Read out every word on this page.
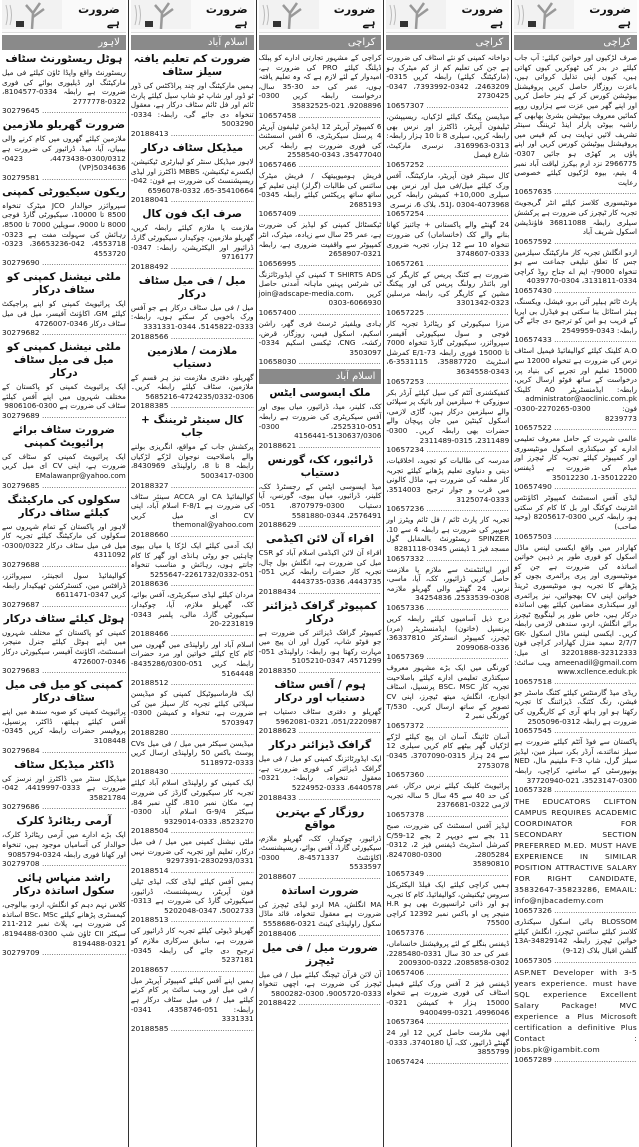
ضرورت ہے
کراچی

صرف لڑکیوں اور خواتین کیلئے: آپ جاب کیلئے در بدر کی ٹھوکریں کیوں کھاتی ہیں، کیوں اپنی تذلیل کرواتی ہیں، باعزت روزگار حاصل کریں پروفیشنل بیوٹیشن کورس کر کے ہنر حاصل کریں اور اپنے گھر میں عزت سے ہزاروں روپے کمائیں معروف بیوٹیشن بشریٰ بھابھی کے راشیہ بیوٹی پارلر اینڈ ٹریننگ سینٹر تشریف لائیں نہایت ہی کم فیس میں پروفیشنل بیوٹیشن کورس کریں اور اپنے پاؤں پر کھڑی ہو جائیں 0307-2966775 نزد ارم بیکرز لیاقت آباد نمبر 4 یتیم، بیوہ لڑکیوں کیلئے خصوصی رعایت

10657635 .....

مونٹیسوری کلاسز کیلئے انٹر گریجویٹ تجربہ کار ٹیچرز کی ضرورت ہے پرکشش سیلری رابطہ 36811088 فاؤنڈیشن اسکول شریف آباد

10657592 .....

اردو انگلش تجربہ کار مارکیٹنگ سیلزمین جس کا تعلق تبلیغی جماعت سے ہو تنخواہ 9000/- ایم اے جناح روڈ کراچی 0334-3131811، 0304-4039770

10657430 .....

پارٹ ٹائم ہیلپر آئی برو، فیشل، ویکسنگ، ہیئر اسٹائل بنا سکتی ہو فیڈرل بی ایریا کے قریب ہو اس کو ترجیح دی جائے گی رابطہ: 0343-2549959

10657433 .....

A.O کلینک کیلئے کوالیفائیڈ فیمیل اسٹاف نرس کی ضرورت ہے تنخواہ 12000 سے 15000 تعلیم اور تجربے کی بنیاد پر، درخواست کے ساتھ فوٹو ارسال کریں، رابطہ: ایڈمنسٹریٹر AO کلینک administrator@aoclinic.com.pk فون: 0300-2270265-0300-8239773

10657522 .....

عالمی شہرت کے حامل معروف تعلیمی ادارے کو سیکنڈری اسکول مونٹیسوری اور کمپیوٹر کیلئے تجربہ کار ٹیچرز اور میڈم کی ضرورت ہے ڈیفنس 35012220-1، 35012230

10657490 .....

لیڈی آفس اسسٹنٹ کمپیوٹر اکاؤنٹس انٹرنیٹ کوکنگ اور بل کا کام کر سکتی ہو، رابطہ کریں 0300-8205617 (وحید صاحب)

10657503 .....

کھارادر میں واقع ایکسی لینس ماڈل اسکول کو فوری طور پر ذہین خواتین اساتذہ کی ضرورت ہے جن کو مونٹیسوری اور پری پرائمری بچوں کو پڑھانے کا تجربہ ہو، مونٹیسوری ٹرینڈ خواتین اپنی CV بھجوائیں، نیز پرائمری اور سیکنڈری مضامین کیلئے بھی اساتذہ درکار ہیں، خاص طور پر لینگویج ٹیچرز برائے انگلش، اردو، سندھی لازمی رابطہ کریں۔ ایکسی لینس ماڈل اسکول GK-2/7/7 سعید منزل کھارادر کراچی فون 32312333-32201888 ای میل: ameenadil@gmail.com ویب سائٹ: www.xcllence.eduk.pk

10657518 .....

ریڈی میڈ گارمنٹس کیلئے کٹنگ ماسٹر جو فیشن، رنگ کٹنگ، ڈیزائننگ کا تجربہ رکھتا ہو اور ہاتھ آری کے کاریگروں کی ضرورت ہے رابطہ 0312-2505096

10657545 .....

پاکستان سے فوڈ آئٹم کیلئے ضرورت ہے سیلز نمائندے، آرڈر بکر، سیلز مین، لیڈیز سیلز گرل، شاپ F-3 ملینیم مال، NED یونیورسٹی کے سامنے، کراچی، رابطہ 0300-3523147، 021-37720940

10657328 .....

THE EDUCATORS CLIFTON CAMPUS REQUIRES ACADEMIC COORDINATOR FOR SECONDARY SECTION PREFERRED M.ED. MUST HAVE EXPERIENCE IN SIMILAR POSITION ATTRACTIVE SALARY FOR RIGHT CANDIDATE, 35832647-35823286, EMAAIL: info@njbacademy.com

10657326 .....

BLOSSOM ہائی اسکول سیکنڈری کلاسز کیلئے سائنس ٹیچرز، انگلش کیلئے خواتین ٹیچرز رابطہ 34829142-13A گلشن اقبال بلاک (12-9)

10657305 .....

ASP.NET Developer with 3-5 years experience. must have SQL experience Excellent Salary Package! MVC experience a Plus Microsoft certification a definitive Plus Contact : jobs.pk@igambit.com

10657289 .....
ضرورت ہے
کراچی

دواخانہ کمپنی کو نئے اسٹاف کی ضرورت ہے جن کی تعلیم کم از کم میٹرک ہو (مارکیٹنگ کیلئے) رابطہ کریں 0315-2463209، 0342-7393992، 0347-2730425

10657307 .....

میڈیسن پیکنگ کیلئے لڑکیاں، ریسیپشن، ٹیلیفون آپریٹر، ڈاکٹرز اور نرس بھی رابطہ کریں، سیلری 8 تا 10 ہزار رابطہ: 0313-3169963، نرسری مارکیٹ، شارع فیصل

10657252 .....

کال سینٹر فون آپریٹر، مارکیٹنگ، آفس ورک کیلئے میل/فی میل اور نرس بھی سیلری 10,000+ کمیشن رابطہ کریں 51J، 0304-4073968، بلاک 6، نرسری

10657254 .....

24 گھنٹے والے پاکستانی + چائنیز کھانا بنانے والے کک (خانساماں) کی ضرورت تنخواہ 10 سے 12 ہزار، تجربہ ضروری 0333-3748607

10657261 .....

ضرورت ہے کٹنگ پریس کے کاریگر کی اور بائنڈر رولنگ پریس کی اور پیکنگ مشین کے کاریگر کی، رابطہ مرسلین 0323-3301342

10657225 .....

مرزا سیکیورٹی کو ریٹائرڈ تجربہ کار فوجی و سول سیکیورٹی آفیسر، سپروائزر، سیکیورٹی گارڈ تنخواہ 7000 تا 15000 فوری رابطہ E/1-73 کمرشل اسٹریٹ 35887720، 3531115-6، 0343-3634558

10657253 .....

کنفیکشنری آئٹم کی سیل کیلئے آرڈر بکر سوزوکی + سیلزمین اور بائیک پر سپلائی والے سیلزمین درکار ہیں، گاڑی لازمی، اسکول کینٹین میں جان پہچان والے حضرات بھی رابطہ کریں۔ 0300-2311489، 0315-2311489

10657234 .....

مدرسہ کی طالبات کو تجوید، اخلاقیات، دینی و دنیاوی تعلیم پڑھانے کیلئے تجربہ کار معلمہ کی ضرورت ہے، ماڈل کالونی میں قرب و جوار ترجیح 3514003، 0333-3125074

10657236 .....

تجربہ کار پارٹ ٹائم / فل ٹائم ویٹرز اور سویپر کی ضرورت ہے رابطہ 4 سے 10، SPINZER ریسٹورنٹ بالمقابل گول مسجد فیز 1 ڈیفنس 0345-8281118

10657332 .....

انور ایپائنٹمنٹ سے ملازم یا ملازمت حاصل کریں ڈرائیور، کک، آیا، ماسی، نرس، 24 گھنٹے والی گھریلو ملازمہ 0308-2533539، 34254836

10657336 .....

درج ذیل آسامیوں کیلئے رابطہ کریں پرنسپل (خاتون) ایڈمنسٹریٹر (مرد) ٹیچرز، کمپیوٹر انسٹرکٹر 36337810، 0336-2099068

10657369 .....

کورنگی میں ایک بڑے مشہور معروف سیکنڈری تعلیمی ادارے کیلئے باصلاحیت تجربہ کار BSC، MSC پرنسپل، اسٹاف انچارج، انگلش، میتھ ٹیچرز، اپنی CV تصویر کے ساتھ ارسال کریں۔ T/530 کورنگی نمبر 2

10657372 .....

آسان ٹائپنگ آسان ان پیج کیلئے لڑکے لڑکیاں گھر بیٹھے کام کریں سیلری 12 سے 24 ہزار 0315-3707090، 0345-2753078

10657360 .....

پرائیویٹ کلینک کیلئے نرس درکار، عمر کی حد 40 سے 45 سال 5 سالہ تجربہ لازمی 0322-2376681

10657378 .....

لیڈیز آفس اسسٹنٹ کی ضرورت، صبح 11 بجے سے دوپہر 2 بجے C/59-12 کمرشل اسٹریٹ ڈیفنس فیز 2، 0312-2805284، 0300-8247080، 35890810

10657349 .....

ہمیں کراچی کیلئے ایک فیلڈ الیکٹریکل سروس ٹیکنیشن، کوالیفائیڈ، کام کا تجربہ ہو اور ذاتی ٹرانسپورٹ بھی ہو H.R منیجر پی او باکس نمبر 12392 کراچی 75500

10657376 .....

ڈیفنس بنگلے کے لئے پروفیشنل خانساماں، عمر کی حد 30 سال 0331-2285480، 0302-2085858، 0322-2009300

10657406 .....

ڈیفنس فیز 2 آفس ورک کیلئے فیمیل اسٹاف کی فوری ضرورت ہے تنخواہ 15000 ہزار + کمیشن 0321-4996046، 0321-9400499

10657364 .....

ابھی ملازمت حاصل کریں 12 اور 24 گھنٹے ڈرائیور، کک، آیا 3740180، 0333-3855799

10657424 .....
ضرورت ہے
کراچی

کراچی کے مشہور تجارتی ادارے کو پبلک ڈیلنگ کیلئے PRO کی ضرورت ہے، امیدوار کے لئے لازم ہے کہ وہ تعلیم یافتہ ہوں، عمر کی حد 30-35 سال، درخواست رابطہ کریں 0300-9208896، 021-35832525

10657458 .....

6 کمپیوٹر آپریٹر 12 ایڈمن ٹیلیفون آپریٹر 4 پرسنل سیکریٹری، 6 آفس اسسٹنٹ کی فوری ضرورت ہے رابطہ کریں 35477040، 0343-2558540

10657466 .....

فریش ہومیوپیتھک / فریش میٹرک سائنس کی طالبات (گرلز) اپنی تعلیم کے ساتھ ساتھ پریکٹس کیلئے رابطہ 0345-2685193

10657409 .....

ٹیکسٹائل کمپنی کو لیڈیز کی ضرورت ہے، عمر 25 سال سے زیادہ، میٹرک، انٹر کمپیوٹر سے واقفیت ضروری ہے، رابطہ 0321-2658907

10656995 .....

T SHIRTS ADS کمپنی کی ایڈورٹائزنگ ٹی شرٹس پہنیں ماہانہ آمدنی حاصل کریں join@adscape-media.com، 0303-6066930

10657400 .....

ہادی ویلفیئر ٹرسٹ فری گھر، راشن اسکیم، اسکول فیس، روزگار، قرض، رکشہ، CNG، ٹیکسی اسکیم 0334-3503097

10658030 .....
اسلام آباد
ملک ایسوسی ایٹس

کک، کلینر، میڈ، ڈرائیور، میاں بیوی اور آفس سیکریٹری کی ضرورت ہے رابطہ 051-2525310، 0300-5130637/0306-4156441

20188621 .....
ڈرائیور، کک، گورنس دستیاب

میڈ ایسوسی ایٹس کے رجسٹرڈ کک، کلینر، ڈرائیور، میاں بیوی، گورنس، آیا دستیاب 0300-8707979، 051-2576491، 0344-5581880

20188629 .....
اقراء آن لائن اکیڈمی

اقراء آن لائن اکیڈمی اسلام آباد کو CSR میل کی ضرورت ہے، انگلش بول چال، تجربہ کار حضرات رابطہ کریں 051-4443735، 0336-4443735

20188434 .....
کمپیوٹر گرافک ڈیزائنر درکار

کمپیوٹر گرافک ڈیزائنر کی ضرورت ہے جو فوٹو شاپ، کورل اور ان پیج میں مہارت رکھتا ہو، رابطہ: راولپنڈی 051-4571299، 0347-5105210

20188350 .....
ہوم / آفس سٹاف دستیاب اور درکار

گھریلو و دفتری سٹاف دستیاب ہے 051/2220987، 0321-5962081

20188623 .....
گرافک ڈیزائنر درکار

ایک ایڈورٹائزنگ کمپنی کو میل / فی میل گرافک ڈیزائنر کی فوری ضرورت ہے، معقول تنخواہ، رابطہ: 0321-6440578، 0333-5224952

20188433 .....
روزگار کے بہترین مواقع

ڈرائیور، چوکیدار، کک، گھریلو ملازم، سیکیورٹی گارڈ، آفس بوائے، ریسپشنسٹ، اکاؤنٹنٹ 4571337-8، 0300-5533597

20188607 .....
ضرورت اساتذہ

MA انگلش، MA اردو لیڈی ٹیچرز کی ضرورت ہے معقول تنخواہ، قائد ماڈل سکول راولپنڈی کینٹ 0321-5558686

20188406 .....
ضرورت میل / فی میل ٹیچرز

آن لائن قرآن ٹیچنگ کیلئے میل / فی میل ٹیچرز کی ضرورت ہے، اچھی تنخواہ 0333-9005720، 0300-5800282

20188422 .....
ضرورت ہے
اسلام آباد
ضرورت کم تعلیم یافتہ سیلز سٹاف

ہمیں مارکیٹنگ اور چند پراڈکٹس کی ڈور ٹو ڈور اور شاپ ٹو شاپ سیل کیلئے پارٹ ٹائم اور فل ٹائم سٹاف درکار ہے، معقول تنخواہ دی جائے گی، رابطہ: 0334-5003290

20188413 .....
میڈیکل سٹاف درکار

لاہور میڈیکل سنٹر کو لیبارٹری ٹیکنیشن، ایکسرے ٹیکنیشن، MBBS ڈاکٹرز اور لیڈی ریسپشنسٹ کی ضرورت ہے فون: 042-35410664-65، 0332-6596078

20188041 .....
صرف ایک فون کال

ملازمت یا ملازم کیلئے رابطہ کریں، گھریلو ملازمین، چوکیدار، سیکیورٹی گارڈ، ڈرائیور اور الیکٹریشن، رابطہ: 0347-9716177

20188492 .....
میل / فی میل سٹاف درکار

میل / فی میل سٹاف درکار ہے جو آفس ورک باخوبی کر سکتے ہوں، رابطہ: 0333-5145822، 0344-3331331

20188566 .....
ملازمت / ملازمین دستیاب

گھریلو، دفتری ملازمت نیز ہر قسم کے ملازمین، سٹاف کیلئے رابطہ کریں۔ 0306-4724235/0332-5685216

20188385 .....
کال سینٹر ٹریننگ + جاب

پرکشش جاب کے مواقع، انگریزی بولنے والے باصلاحیت نوجوان لڑکے لڑکیاں رابطہ 8 تا 8، راولپنڈی 8430969، 0300-5003417

20188327 .....

کوالیفائیڈ CA اور ACCA سینئر سٹاف کی ضرورت ہے F-8/1 اسلام آباد، اپنی CV ای میل کریں themonal@yahoo.com

20188660 .....

ایک آدمی کیلئے ایک لڑکا یا میاں بیوی چاہئیں جو روٹی ہانڈی اور گھر کا کام جانتے ہوں، رہائش و مناسب تنخواہ 051-2261732/0332-5255647

20188636 .....

مردان کیلئے لیڈی سیکریٹری، آفس بوائے، کک، گھریلو ملازم، آیا، چوکیدار، سیکیورٹی گارڈ، مالی، پلمبر 0343-2231819-20

20188466 .....

اسلام آباد اور راولپنڈی میں گھروں میں کام کاج کیلئے خواتین اور مرد حضرات رابطہ کریں 051-8435286/0300-5164448

20188512 .....

ایک فارماسیوٹیکل کمپنی کو میڈیسن سپلائی کیلئے تجربہ کار سیلز مین کی ضرورت ہے، تنخواہ و کمیشن 0300-5703947

20188280 .....

میڈیسن سیکٹر میں میل / فی میل CVs پوسٹ باکس 50 راولپنڈی ارسال کریں 0333-5118972

20188430 .....

ایک کمپنی کو راولپنڈی اسلام آباد کیلئے تجربہ کار سیکیورٹی گارڈز کی ضرورت ہے، مکان نمبر 810، گلی نمبر 84، سیکٹر G-9/4 اسلام آباد 0300-8523270، 0333-9329014

20188504 .....

ملٹی نیشنل کمپنی میں میل / فی میل درکار، تعلیم اور تجربہ کی ضرورت نہیں 2830293/0331-9297391

20188514 .....

ہمیں آفس کیلئے لیڈی کک، لیڈی ٹیلی فون آپریٹر، ریسپشنسٹ، ڈرائیور، سیکیورٹی گارڈ کی ضرورت ہے 0313-5002733، 0347-5202048

20188513 .....

گھریلو ڈیوٹی کیلئے تجربہ کار ڈرائیور کی ضرورت ہے، سابق سرکاری ملازم کو ترجیح دی جائے گی رابطہ 0345-5237181

20188657 .....

ہمیں اپنے آفس کیلئے کمپیوٹر آپریٹر میل / فی میل اور ویب سائٹ پر کام کرنے کیلئے میل / فی میل سٹاف درکار ہے رابطہ: 051-4358746، 0341-3331331

20188585 .....
ضرورت ہے
لاہور
ہوٹل ریسٹورنٹ سٹاف

ریسٹورنٹ واقع واپڈا ٹاؤن کیلئے فی میل مارکیٹنگ اور ڈیلیوری بوائے کی فوری ضرورت ہے رابطہ 0334-8104577، 0322-2777778

30279645 .....
ضرورت گھریلو ملازمین

ملازمین کیلئے گھروں میں کام کرنے والی بیبیاں، آیا، میڈ، ڈرائیور کی ضرورت ہے 0300/0312-4473438، 0423-5034636(VP)

30279581 .....
ریکون سیکیورٹی کمپنی

سپروائزر حوالدار JCO میٹرک تنخواہ 8500 تا 10000، سیکیورٹی گارڈ فوجی 8000 تا 9000، سویلین 7000 تا 8500، رہائش کی سہولت مفت ہے 0323-4553718، 042-36653236، 0323-4553720

30279690 .....
ملٹی نیشنل کمپنی کو سٹاف درکار

ایک پرائیویٹ کمپنی کو اپنے پراجیکٹ کیلئے GM، اکاؤنٹ آفیسر، میل فی میل سٹاف درکار 0346-4726007

30279682 .....
ملٹی نیشنل کمپنی کو میل فی میل سٹاف درکار

ایک پرائیویٹ کمپنی کو پاکستان کے مختلف شہروں میں اپنے آفس کیلئے سٹاف کی ضرورت ہے 0300-9806106

30279689 .....
ضرورت سٹاف برائے پرائیویٹ کمپنی

ایک پرائیویٹ کمپنی کو سٹاف کی ضرورت ہے، اپنی CV ای میل کریں EMalawanpr@yahoo.com

30279685 .....
سکولوں کی مارکیٹنگ کیلئے سٹاف درکار

لاہور اور پاکستان کے تمام شہروں سے سکولوں کی مارکیٹنگ کیلئے تجربہ کار میل فی میل سٹاف درکار 0300/0322-4311092

30279688 .....

کوالیفائیڈ سول انجینئر، سپروائزر، ڈرافٹس مین، کنسٹرکشن ٹھیکیدار رابطہ کریں 0347-6611471

30279687 .....
ہوٹل کیلئے سٹاف درکار

کمپنی کو پاکستان کے مختلف شہروں میں اپنے ہوٹل کیلئے جنرل منیجر، اسسٹنٹ، اکاؤنٹ آفیسر، سیکیورٹی درکار 0346-4726007

30279683 .....
کمپنی کو میل فی میل سٹاف درکار

پرائیویٹ کمپنی کو صوبہ سندھ میں اپنے آفس کیلئے ہیلتھ، ڈاکٹر، پرنسپل، پروفیسر حضرات رابطہ کریں 0345-3108448

30279684 .....
ڈاکٹر میڈیکل سٹاف

میڈیکل سنٹر میں ڈاکٹرز اور نرسز کی ضرورت ہے 0333-4419997، 042-35821784

30279686 .....
آرمی ریٹائرڈ کلرک

ایک بڑے ادارے میں آرمی ریٹائرڈ کلرک، حوالدار کی آسامیاں موجود ہیں، تنخواہ اور کھانا فوری رابطہ 0324-9085794

30279708 .....
راشد منہاس ہائی سکول اساتذہ درکار

کلاس نہم دہم کو انگلش، اردو، بیالوجی، کیمسٹری پڑھانے کیلئے BSc، MSc اساتذہ کی ضرورت ہے، پلاٹ نمبر 212-211 سیکٹر CII ٹاؤن شپ 0300-8194488، 0321-8194488

30279709 .....
